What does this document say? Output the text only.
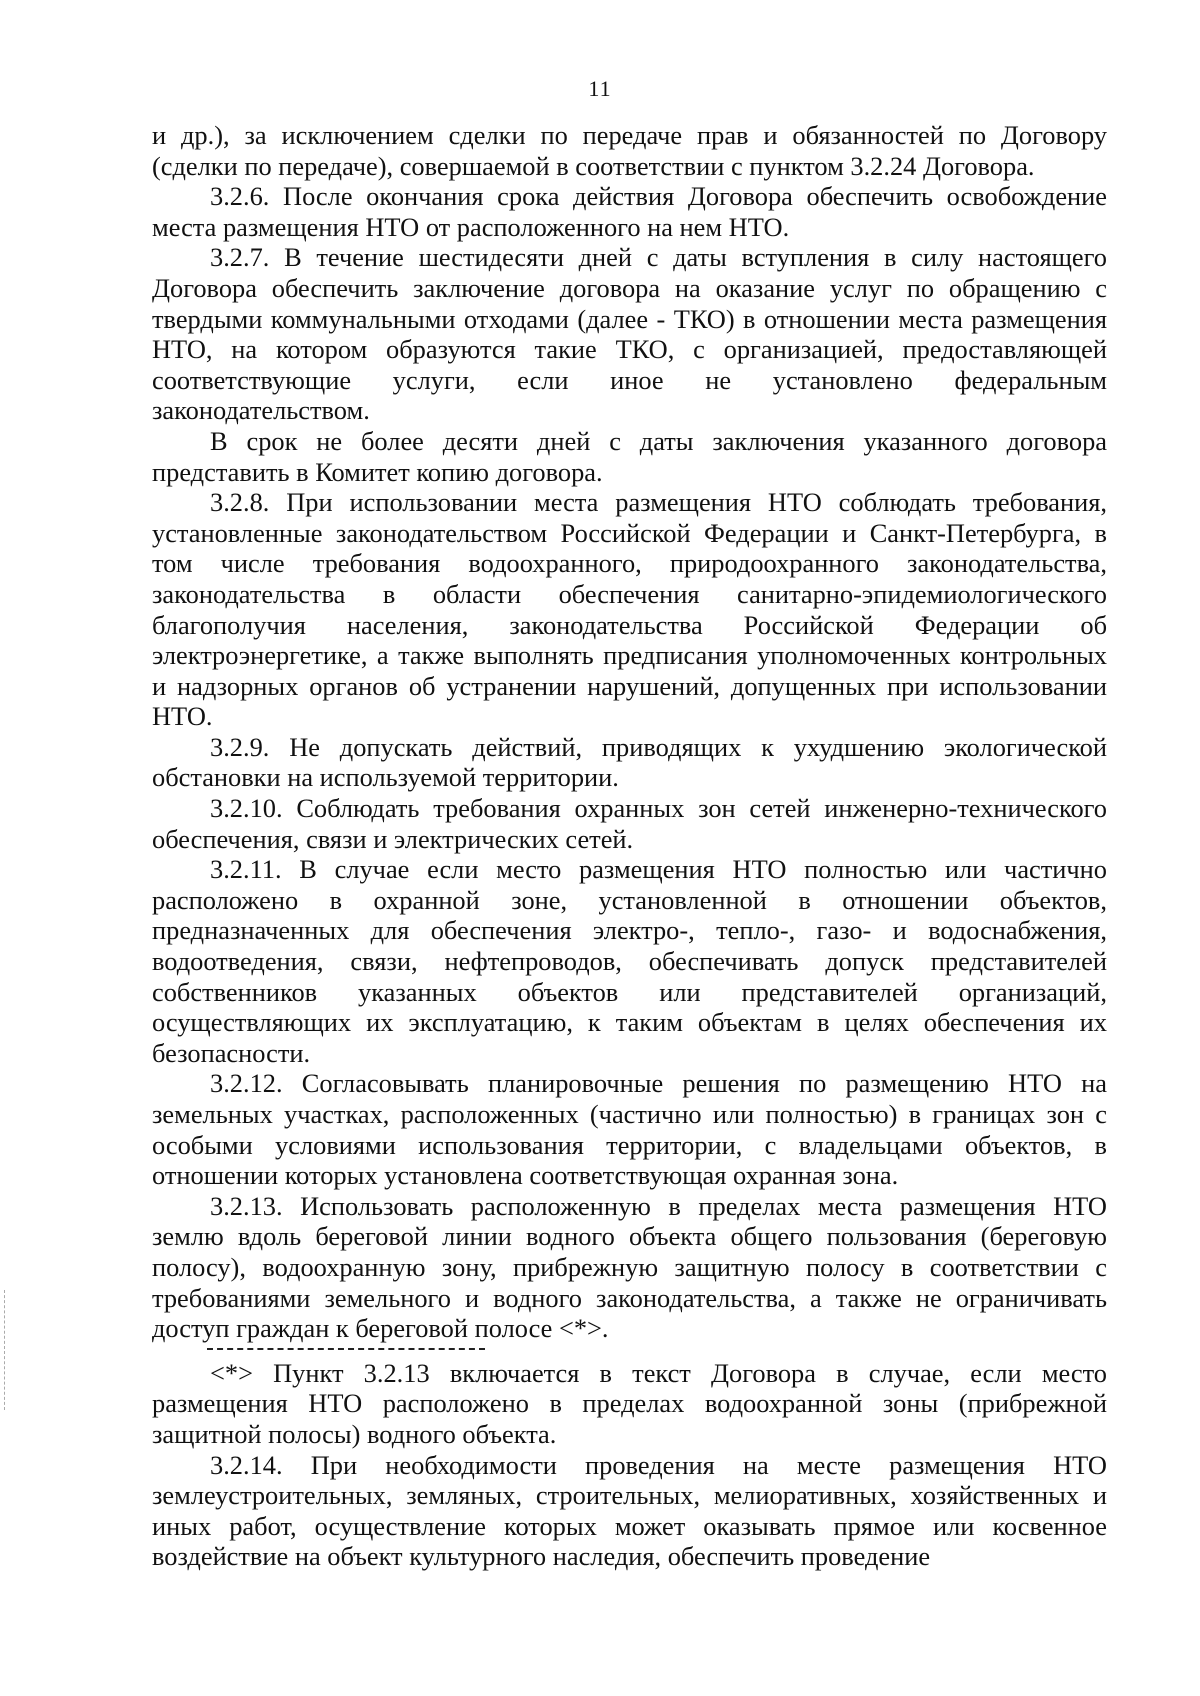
11

и др.), за исключением сделки по передаче прав и обязанностей по Договору (сделки по передаче), совершаемой в соответствии с пунктом 3.2.24 Договора.

3.2.6. После окончания срока действия Договора обеспечить освобождение места размещения НТО от расположенного на нем НТО.

3.2.7. В течение шестидесяти дней с даты вступления в силу настоящего Договора обеспечить заключение договора на оказание услуг по обращению с твердыми коммунальными отходами (далее - ТКО) в отношении места размещения НТО, на котором образуются такие ТКО, с организацией, предоставляющей соответствующие услуги, если иное не установлено федеральным законодательством.

В срок не более десяти дней с даты заключения указанного договора представить в Комитет копию договора.

3.2.8. При использовании места размещения НТО соблюдать требования, установленные законодательством Российской Федерации и Санкт-Петербурга, в том числе требования водоохранного, природоохранного законодательства, законодательства в области обеспечения санитарно-эпидемиологического благополучия населения, законодательства Российской Федерации об электроэнергетике, а также выполнять предписания уполномоченных контрольных и надзорных органов об устранении нарушений, допущенных при использовании НТО.

3.2.9. Не допускать действий, приводящих к ухудшению экологической обстановки на используемой территории.

3.2.10. Соблюдать требования охранных зон сетей инженерно-технического обеспечения, связи и электрических сетей.

3.2.11. В случае если место размещения НТО полностью или частично расположено в охранной зоне, установленной в отношении объектов, предназначенных для обеспечения электро-, тепло-, газо- и водоснабжения, водоотведения, связи, нефтепроводов, обеспечивать допуск представителей собственников указанных объектов или представителей организаций, осуществляющих их эксплуатацию, к таким объектам в целях обеспечения их безопасности.

3.2.12. Согласовывать планировочные решения по размещению НТО на земельных участках, расположенных (частично или полностью) в границах зон с особыми условиями использования территории, с владельцами объектов, в отношении которых установлена соответствующая охранная зона.

3.2.13. Использовать расположенную в пределах места размещения НТО землю вдоль береговой линии водного объекта общего пользования (береговую полосу), водоохранную зону, прибрежную защитную полосу в соответствии с требованиями земельного и водного законодательства, а также не ограничивать доступ граждан к береговой полосе <*>.

<*> Пункт 3.2.13 включается в текст Договора в случае, если место размещения НТО расположено в пределах водоохранной зоны (прибрежной защитной полосы) водного объекта.

3.2.14. При необходимости проведения на месте размещения НТО землеустроительных, земляных, строительных, мелиоративных, хозяйственных и иных работ, осуществление которых может оказывать прямое или косвенное воздействие на объект культурного наследия, обеспечить проведение
